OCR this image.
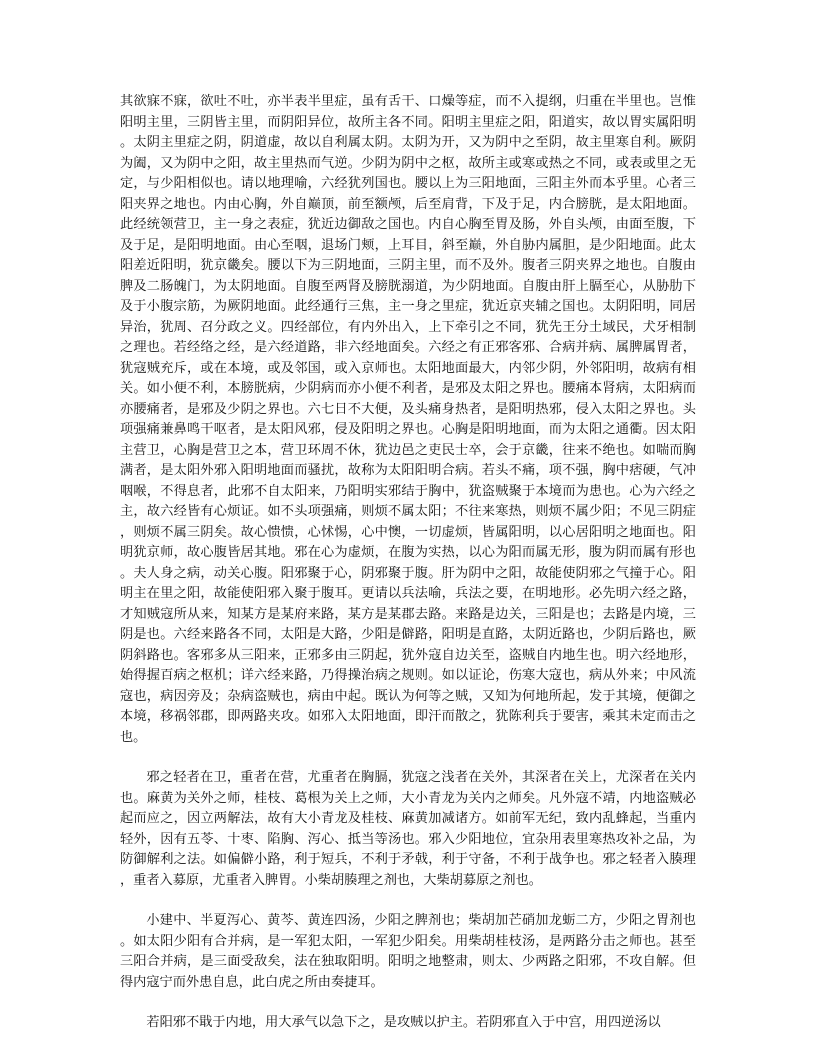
其欲寐不寐，欲吐不吐，亦半表半里症，虽有舌干、口燥等症，而不入提纲，归重在半里也。岂惟阳明主里，三阴皆主里，而阴阳异位，故所主各不同。阳明主里症之阳，阳道实，故以胃实属阳明。太阴主里症之阴，阴道虚，故以自利属太阴。太阴为开，又为阴中之至阴，故主里寒自利。厥阴为阖，又为阴中之阳，故主里热而气逆。少阴为阴中之枢，故所主或寒或热之不同，或表或里之无定，与少阳相似也。请以地理喻，六经犹列国也。腰以上为三阳地面，三阳主外而本乎里。心者三阳夹界之地也。内由心胸，外自巅顶，前至额颅，后至肩背，下及于足，内合膀胱，是太阳地面。此经统领营卫，主一身之表症，犹近边御敌之国也。内自心胸至胃及肠，外自头颅，由面至腹，下及于足，是阳明地面。由心至咽，退场门颊，上耳目，斜至巅，外自胁内属胆，是少阳地面。此太阳差近阳明，犹京畿矣。腰以下为三阴地面，三阴主里，而不及外。腹者三阴夹界之地也。自腹由脾及二肠魄门，为太阴地面。自腹至两肾及膀胱溺道，为少阴地面。自腹由肝上膈至心，从胁肋下及于小腹宗筋，为厥阴地面。此经通行三焦，主一身之里症，犹近京夹辅之国也。太阴阳明，同居异治，犹周、召分政之义。四经部位，有内外出入，上下牵引之不同，犹先王分土域民，犬牙相制之理也。若经络之经，是六经道路，非六经地面矣。六经之有正邪客邪、合病并病、属脾属胃者，犹寇贼充斥，或在本境，或及邻国，或入京师也。太阳地面最大，内邻少阴，外邻阳明，故病有相关。如小便不利，本膀胱病，少阴病而亦小便不利者，是邪及太阳之界也。腰痛本肾病，太阳病而亦腰痛者，是邪及少阴之界也。六七日不大便，及头痛身热者，是阳明热邪，侵入太阳之界也。头项强痛兼鼻鸣干呕者，是太阳风邪，侵及阳明之界也。心胸是阳明地面，而为太阳之通衢。因太阳主营卫，心胸是营卫之本，营卫环周不休，犹边邑之吏民士卒，会于京畿，往来不绝也。如喘而胸满者，是太阳外邪入阳明地面而骚扰，故称为太阳阳明合病。若头不痛，项不强，胸中痞硬，气冲咽喉，不得息者，此邪不自太阳来，乃阳明实邪结于胸中，犹盗贼聚于本境而为患也。心为六经之主，故六经皆有心烦证。如不头项强痛，则烦不属太阳；不往来寒热，则烦不属少阳；不见三阴症，则烦不属三阴矣。故心愦愦，心怵惕，心中懊，一切虚烦，皆属阳明，以心居阳明之地面也。阳明犹京师，故心腹皆居其地。邪在心为虚烦，在腹为实热，以心为阳而属无形，腹为阴而属有形也。夫人身之病，动关心腹。阳邪聚于心，阴邪聚于腹。肝为阴中之阳，故能使阴邪之气撞于心。阳明主在里之阳，故能使阳邪入聚于腹耳。更请以兵法喻，兵法之要，在明地形。必先明六经之路，才知贼寇所从来，知某方是某府来路，某方是某郡去路。来路是边关，三阳是也；去路是内境，三阴是也。六经来路各不同，太阳是大路，少阳是僻路，阳明是直路，太阴近路也，少阴后路也，厥阴斜路也。客邪多从三阳来，正邪多由三阴起，犹外寇自边关至，盗贼自内地生也。明六经地形，始得握百病之枢机；详六经来路，乃得操治病之规则。如以证论，伤寒大寇也，病从外来；中风流寇也，病因旁及；杂病盗贼也，病由中起。既认为何等之贼，又知为何地所起，发于其境，便御之本境，移祸邻郡，即两路夹攻。如邪入太阳地面，即汗而散之，犹陈利兵于要害，乘其未定而击之也。

邪之轻者在卫，重者在营，尤重者在胸膈，犹寇之浅者在关外，其深者在关上，尤深者在关内也。麻黄为关外之师，桂枝、葛根为关上之师，大小青龙为关内之师矣。凡外寇不靖，内地盗贼必起而应之，因立两解法，故有大小青龙及桂枝、麻黄加减诸方。如前军无纪，致内乱蜂起，当重内轻外，因有五苓、十枣、陷胸、泻心、抵当等汤也。邪入少阳地位，宜杂用表里寒热攻补之品，为防御解利之法。如偏僻小路，利于短兵，不利于矛戟，利于守备，不利于战争也。邪之轻者入腠理，重者入募原，尤重者入脾胃。小柴胡腠理之剂也，大柴胡募原之剂也。

小建中、半夏泻心、黄芩、黄连四汤，少阳之脾剂也；柴胡加芒硝加龙蛎二方，少阳之胃剂也。如太阳少阳有合并病，是一军犯太阳，一军犯少阳矣。用柴胡桂枝汤，是两路分击之师也。甚至三阳合并病，是三面受敌矣，法在独取阳明。阳明之地整肃，则太、少两路之阳邪，不攻自解。但得内寇宁而外患自息，此白虎之所由奏捷耳。

若阳邪不戢于内地，用大承气以急下之，是攻贼以护主。若阴邪直入于中宫，用四逆汤以
